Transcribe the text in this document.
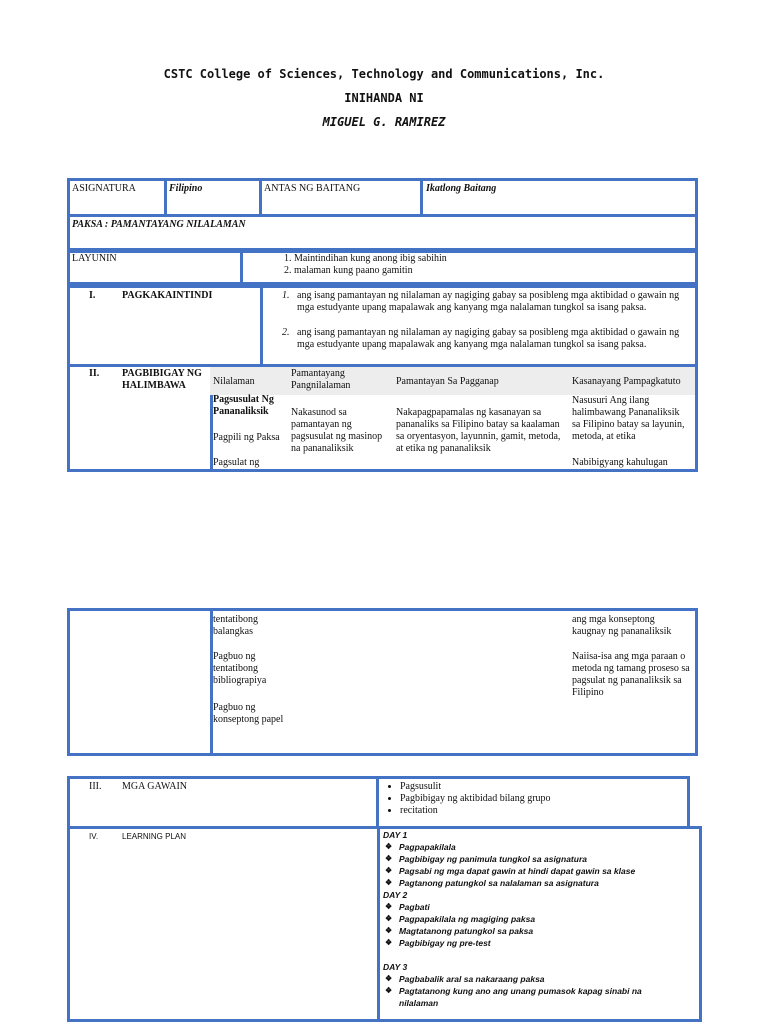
CSTC College of Sciences, Technology and Communications, Inc.
INIHANDA NI
MIGUEL G. RAMIREZ
ASIGNATURA	Filipino	ANTAS NG BAITANG	Ikatlong Baitang
PAKSA : PAMANTAYANG NILALAMAN
LAYUNIN	1. Maintindihan kung anong ibig sabihin
2. malaman kung paano gamitin
I.	PAGKAKAINTINDI	1. ang isang pamantayan ng nilalaman ay nagiging gabay sa posibleng mga aktibidad o gawain ng mga estudyante upang mapalawak ang kanyang mga nalalaman tungkol sa isang paksa.
2. ang isang pamantayan ng nilalaman ay nagiging gabay sa posibleng mga aktibidad o gawain ng mga estudyante upang mapalawak ang kanyang mga nalalaman tungkol sa isang paksa.
II. PAGBIBIGAY NG HALIMBAWA	Nilalaman
Pamantayang Pangnilalaman	Pamantayan Sa Pagganap	Kasanayang Pampagkatuto
Pagsusulat Ng Pananaliksik
Pagpili ng Paksa
Pagsulat ng
Nakasunod sa pamantayan ng pagsusulat ng masinop na pananaliksik
Nakapagpapamalas ng kasanayan sa pananaliks sa Filipino batay sa kaalaman sa oryentasyon, layunnin, gamit, metoda, at etika ng pananaliksik
Nasusuri Ang ilang halimbawang Pananaliksik sa Filipino batay sa layunin, metoda, at etika
Nabibigyang kahulugan
tentatibong balangkas
Pagbuo ng tentatibong bibliograpiya
Pagbuo ng konseptong papel
ang mga konseptong kaugnay ng pananaliksik
Naiisa-isa ang mga paraan o metoda ng tamang proseso sa pagsulat ng pananaliksik sa Filipino
III. MGA GAWAIN
•	Pagsusulit
• Pagbibigay ng aktibidad bilang grupo
• recitation
IV.	LEARNING PLAN	DAY 1
❖ Pagpapakilala
❖ Pagbibigay ng panimula tungkol sa asignatura
❖ Pagsabi ng mga dapat gawin at hindi dapat gawin sa klase
❖ Pagtanong patungkol sa nalalaman sa asignatura
DAY 2
❖ Pagbati
❖ Pagpapakilala ng magiging paksa
❖ Magtatanong patungkol sa paksa
❖ Pagbibigay ng pre-test
DAY 3
❖ Pagbabalik aral sa nakaraang paksa
❖ Pagtatanong kung ano ang unang pumasok kapag sinabi na nilalaman
